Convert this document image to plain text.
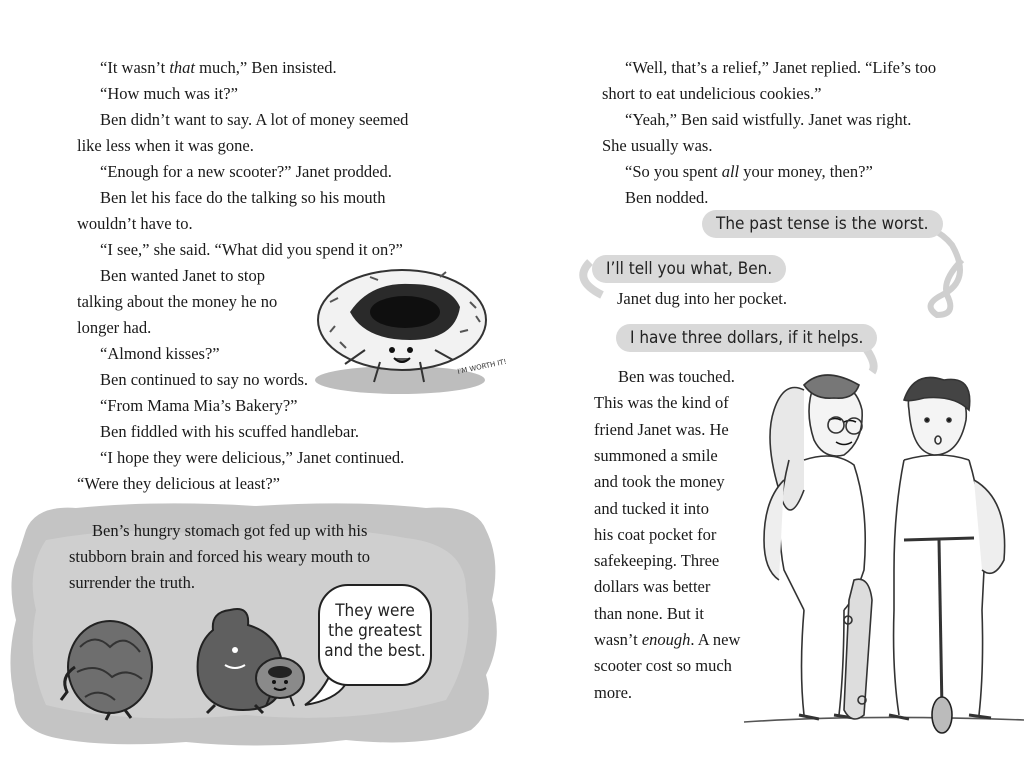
“It wasn’t that much,” Ben insisted.
“How much was it?”
Ben didn’t want to say. A lot of money seemed
like less when it was gone.
“Enough for a new scooter?” Janet prodded.
Ben let his face do the talking so his mouth
wouldn’t have to.
“I see,” she said. “What did you spend it on?”
Ben wanted Janet to stop
talking about the money he no
longer had.
“Almond kisses?”
Ben continued to say no words.
“From Mama Mia’s Bakery?”
Ben fiddled with his scuffed handlebar.
“I hope they were delicious,” Janet continued.
“Were they delicious at least?”
I'M WORTH IT!
Ben’s hungry stomach got fed up with his
stubborn brain and forced his weary mouth to
surrender the truth.
They were
the greatest
and the best.
“Well, that’s a relief,” Janet replied. “Life’s too
short to eat undelicious cookies.”
“Yeah,” Ben said wistfully. Janet was right.
She usually was.
“So you spent all your money, then?”
Ben nodded.
The past tense is the worst.
I’ll tell you what, Ben.
Janet dug into her pocket.
I have three dollars, if it helps.
Ben was touched.
This was the kind of
friend Janet was. He
summoned a smile
and took the money
and tucked it into
his coat pocket for
safekeeping. Three
dollars was better
than none. But it
wasn’t enough. A new
scooter cost so much
more.
